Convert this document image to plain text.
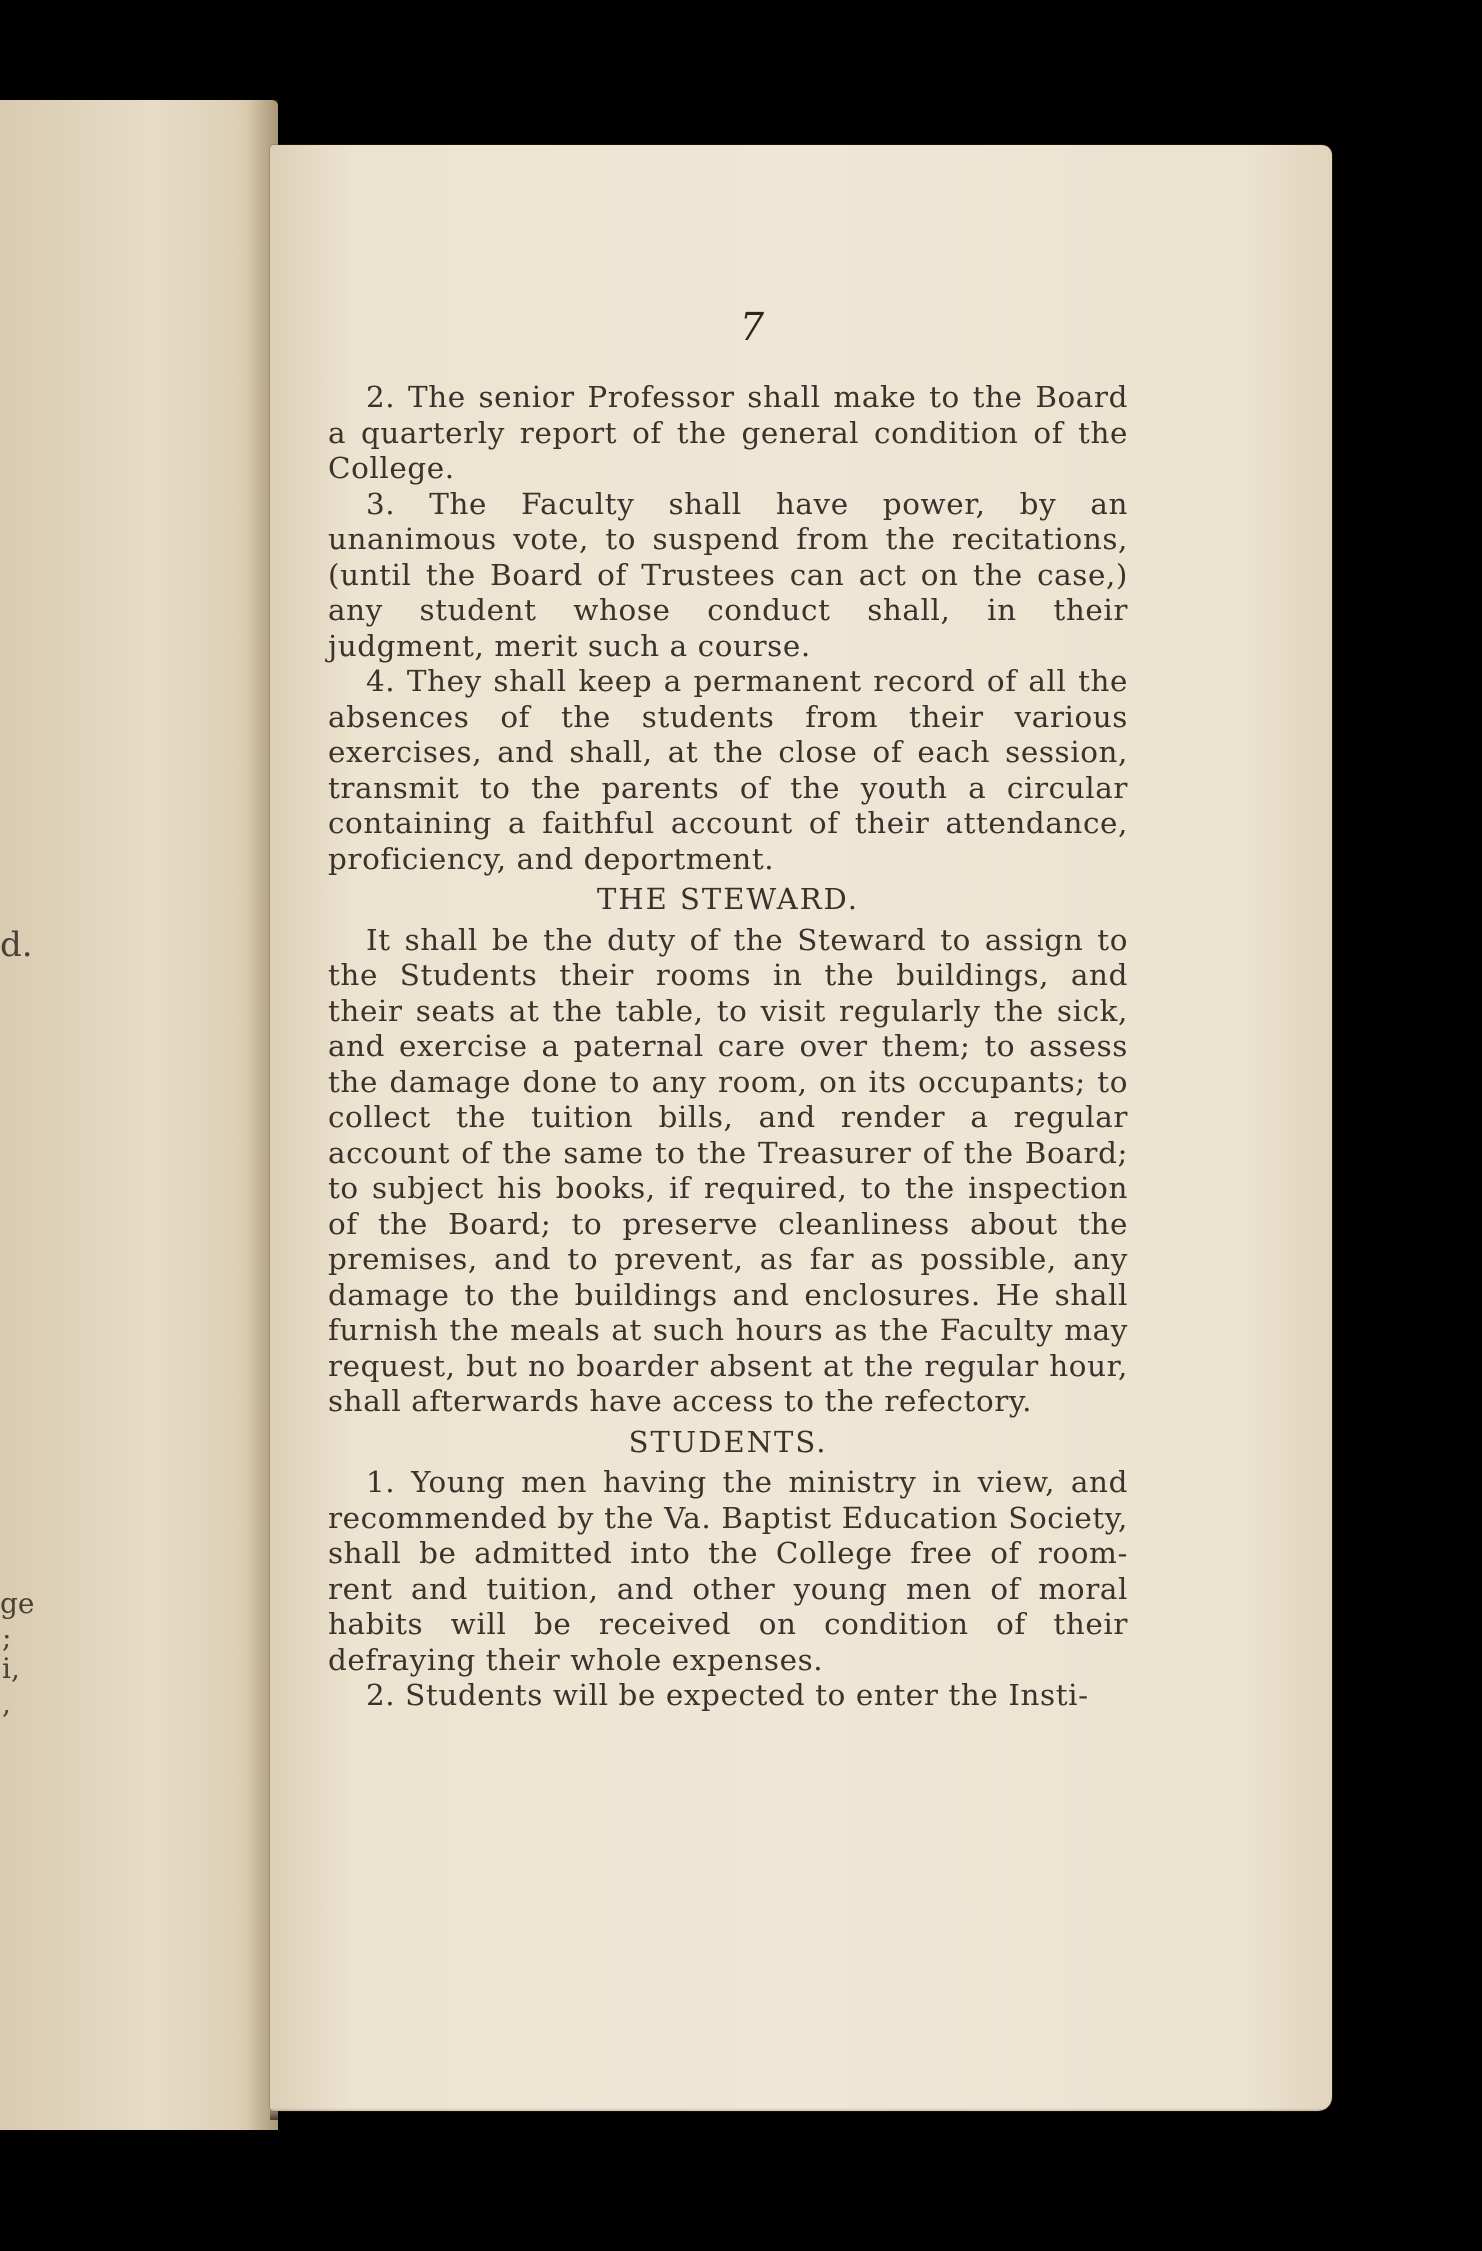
d.
ge
;
i,
,
7

2. The senior Professor shall make to the Board a quarterly report of the general condition of the College.

3. The Faculty shall have power, by an unanimous vote, to suspend from the recitations, (until the Board of Trustees can act on the case,) any student whose conduct shall, in their judgment, merit such a course.

4. They shall keep a permanent record of all the absences of the students from their various exercises, and shall, at the close of each session, transmit to the parents of the youth a circular containing a faithful account of their attendance, proficiency, and deportment.

THE STEWARD.

It shall be the duty of the Steward to assign to the Students their rooms in the buildings, and their seats at the table, to visit regularly the sick, and exercise a paternal care over them; to assess the damage done to any room, on its occupants; to collect the tuition bills, and render a regular account of the same to the Treasurer of the Board; to subject his books, if required, to the inspection of the Board; to preserve cleanliness about the premises, and to prevent, as far as possible, any damage to the buildings and enclosures. He shall furnish the meals at such hours as the Faculty may request, but no boarder absent at the regular hour, shall afterwards have access to the refectory.

STUDENTS.

1. Young men having the ministry in view, and recommended by the Va. Baptist Education Society, shall be admitted into the College free of room-rent and tuition, and other young men of moral habits will be received on condition of their defraying their whole expenses.

2. Students will be expected to enter the Insti-
